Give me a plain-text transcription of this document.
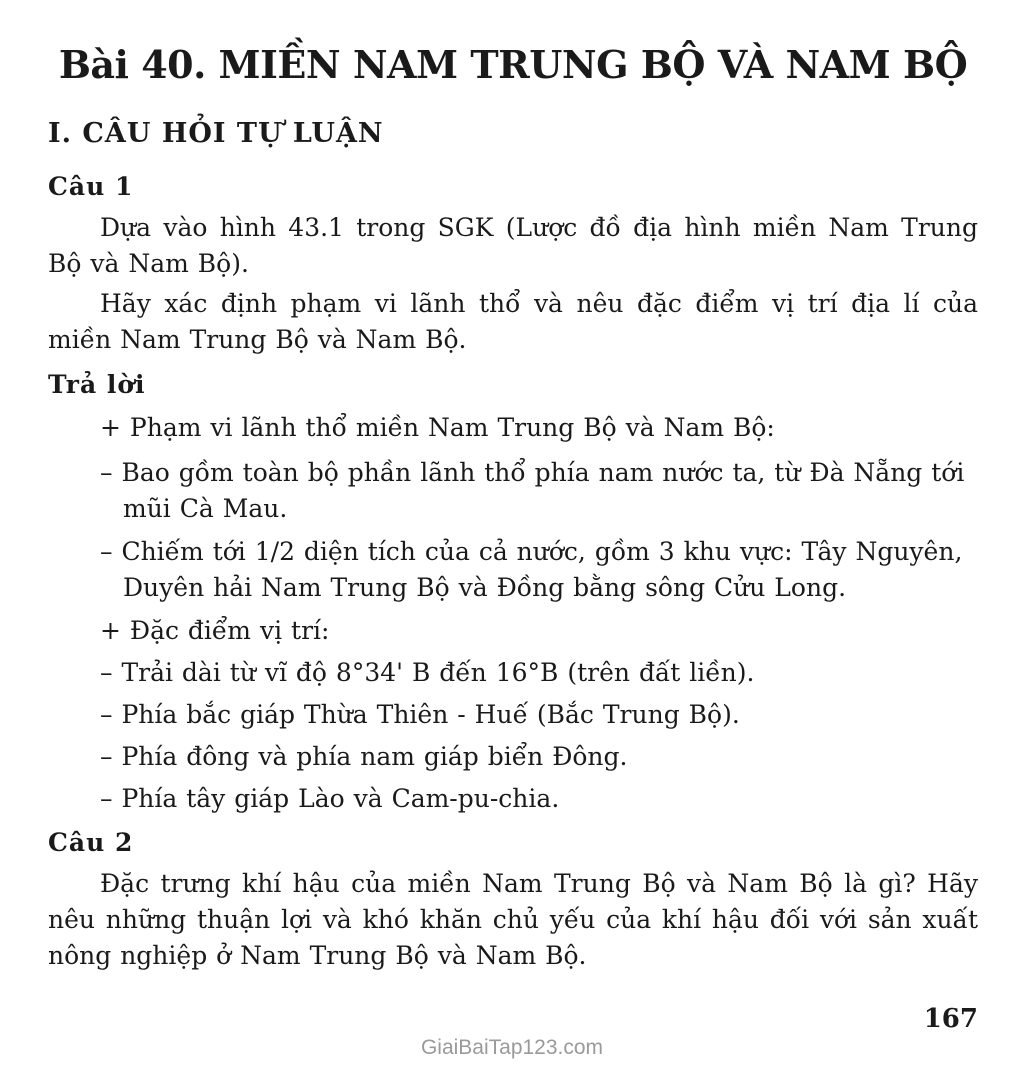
Bài 40. MIỀN NAM TRUNG BỘ VÀ NAM BỘ
I. CÂU HỎI TỰ LUẬN
Câu 1

Dựa vào hình 43.1 trong SGK (Lược đồ địa hình miền Nam Trung Bộ và Nam Bộ).

Hãy xác định phạm vi lãnh thổ và nêu đặc điểm vị trí địa lí của miền Nam Trung Bộ và Nam Bộ.

Trả lời

+ Phạm vi lãnh thổ miền Nam Trung Bộ và Nam Bộ:

– Bao gồm toàn bộ phần lãnh thổ phía nam nước ta, từ Đà Nẵng tới mũi Cà Mau.

– Chiếm tới 1/2 diện tích của cả nước, gồm 3 khu vực: Tây Nguyên, Duyên hải Nam Trung Bộ và Đồng bằng sông Cửu Long.

+ Đặc điểm vị trí:

– Trải dài từ vĩ độ 8°34' B đến 16°B (trên đất liền).

– Phía bắc giáp Thừa Thiên - Huế (Bắc Trung Bộ).

– Phía đông và phía nam giáp biển Đông.

– Phía tây giáp Lào và Cam-pu-chia.

Câu 2

Đặc trưng khí hậu của miền Nam Trung Bộ và Nam Bộ là gì? Hãy nêu những thuận lợi và khó khăn chủ yếu của khí hậu đối với sản xuất nông nghiệp ở Nam Trung Bộ và Nam Bộ.

167
GiaiBaiTap123.com
